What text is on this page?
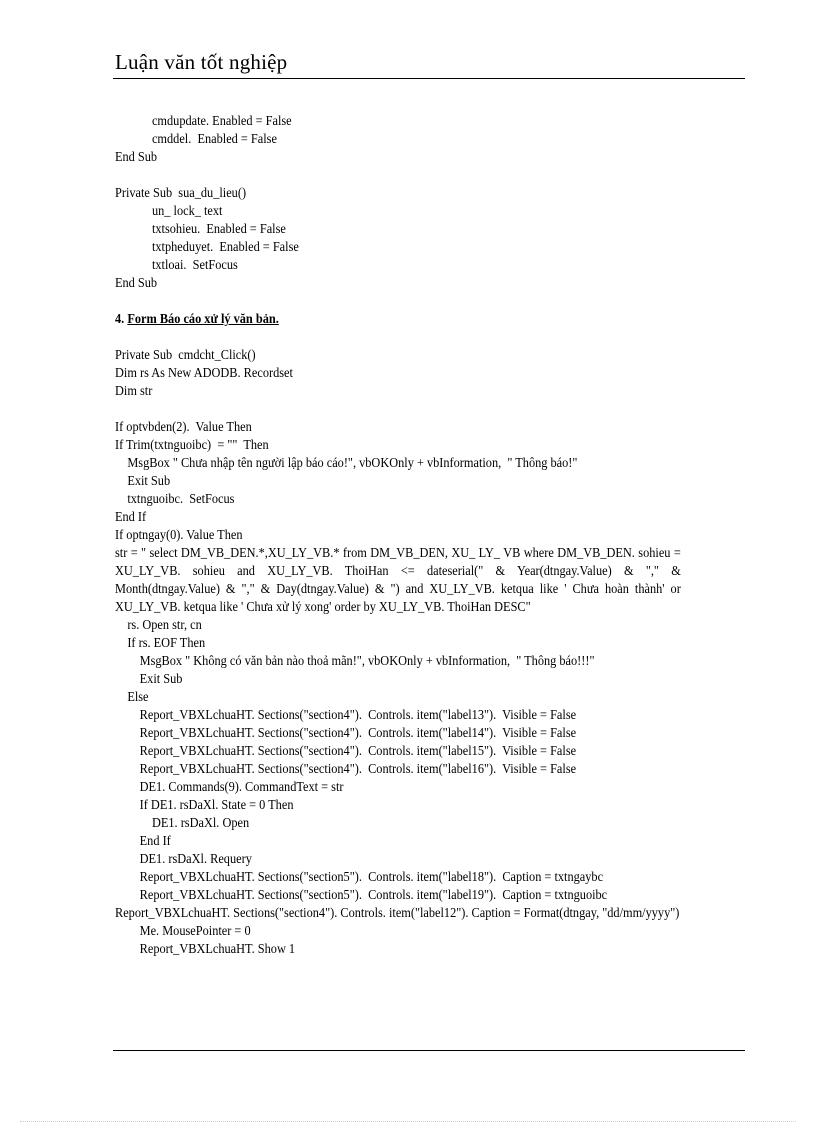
Luận văn tốt nghiệp
cmdupdate. Enabled = False
cmddel.  Enabled = False
End Sub
Private Sub  sua_du_lieu()
un_ lock_ text
txtsohieu.  Enabled = False
txtpheduyet.  Enabled = False
txtloai.  SetFocus
End Sub
4. Form Báo cáo xử lý văn bản.
Private Sub  cmdcht_Click()
Dim rs As New ADODB. Recordset
Dim str
If optvbden(2).  Value Then
If Trim(txtnguoibc)  = ""  Then
MsgBox " Chưa nhập tên người lập báo cáo!", vbOKOnly + vbInformation,  " Thông báo!"
Exit Sub
txtnguoibc.  SetFocus
End If
If optngay(0). Value Then
str = " select DM_VB_DEN.*,XU_LY_VB.* from DM_VB_DEN, XU_ LY_ VB where DM_VB_DEN. sohieu = XU_LY_VB. sohieu and XU_LY_VB. ThoiHan <= dateserial(" & Year(dtngay.Value) & "," & Month(dtngay.Value) & "," & Day(dtngay.Value) & ") and XU_LY_VB. ketqua like ' Chưa hoàn thành' or XU_LY_VB. ketqua like ' Chưa xử lý xong' order by XU_LY_VB. ThoiHan DESC"
rs. Open str, cn
If rs. EOF Then
MsgBox " Không có văn bản nào thoả mãn!", vbOKOnly + vbInformation,  " Thông báo!!!"
Exit Sub
Else
Report_VBXLchuaHT. Sections("section4").  Controls. item("label13").  Visible = False
Report_VBXLchuaHT. Sections("section4").  Controls. item("label14").  Visible = False
Report_VBXLchuaHT. Sections("section4").  Controls. item("label15").  Visible = False
Report_VBXLchuaHT. Sections("section4").  Controls. item("label16").  Visible = False
DE1. Commands(9). CommandText = str
If DE1. rsDaXl. State = 0 Then
DE1. rsDaXl. Open
End If
DE1. rsDaXl. Requery
Report_VBXLchuaHT. Sections("section5").  Controls. item("label18").  Caption = txtngaybc
Report_VBXLchuaHT. Sections("section5").  Controls. item("label19").  Caption = txtnguoibc
Report_VBXLchuaHT. Sections("section4"). Controls. item("label12"). Caption = Format(dtngay, "dd/mm/yyyy")
Me. MousePointer = 0
Report_VBXLchuaHT. Show 1
